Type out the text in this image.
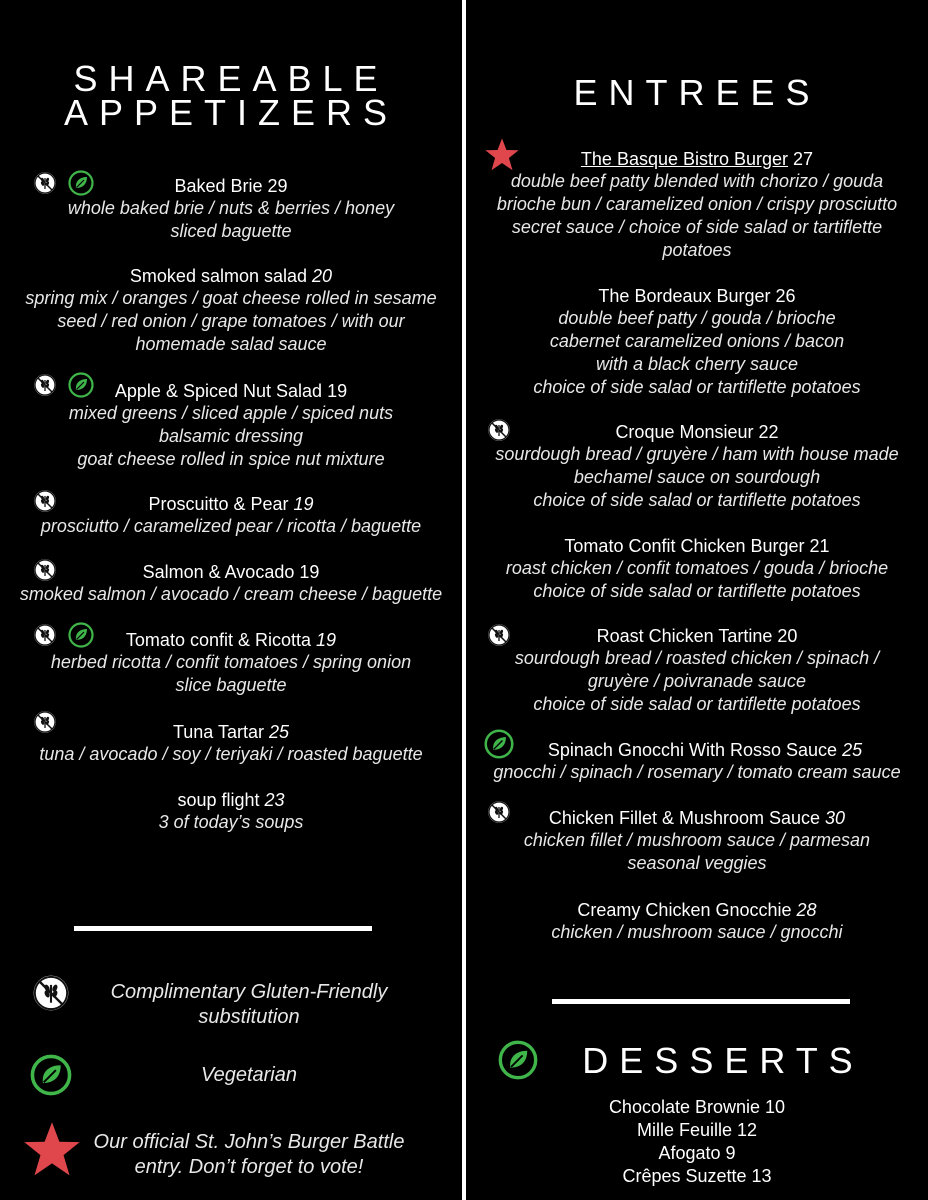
SHAREABLE
APPETIZERS
Baked Brie 29
whole baked brie / nuts & berries / honey
sliced baguette
Smoked salmon salad 20
spring mix / oranges / goat cheese rolled in sesame
seed / red onion / grape tomatoes / with our
homemade salad sauce
Apple & Spiced Nut Salad 19
mixed greens / sliced apple / spiced nuts
balsamic dressing
goat cheese rolled in spice nut mixture
Proscuitto & Pear 19
prosciutto / caramelized pear / ricotta / baguette
Salmon & Avocado 19
smoked salmon / avocado / cream cheese / baguette
Tomato confit & Ricotta 19
herbed ricotta / confit tomatoes / spring onion
slice baguette
Tuna Tartar 25
tuna / avocado / soy / teriyaki / roasted baguette
soup flight 23
3 of today’s soups
Complimentary Gluten-Friendly
substitution
Vegetarian
Our official St. John’s Burger Battle
entry. Don’t forget to vote!
ENTREES
The Basque Bistro Burger 27
double beef patty blended with chorizo / gouda
brioche bun / caramelized onion / crispy prosciutto
secret sauce / choice of side salad or tartiflette
potatoes
The Bordeaux Burger 26
double beef patty / gouda / brioche
cabernet caramelized onions / bacon
with a black cherry sauce
choice of side salad or tartiflette potatoes
Croque Monsieur 22
sourdough bread / gruyère / ham with house made
bechamel sauce on sourdough
choice of side salad or tartiflette potatoes
Tomato Confit Chicken Burger 21
roast chicken / confit tomatoes / gouda / brioche
choice of side salad or tartiflette potatoes
Roast Chicken Tartine 20
sourdough bread / roasted chicken / spinach /
gruyère / poivranade sauce
choice of side salad or tartiflette potatoes
Spinach Gnocchi With Rosso Sauce 25
gnocchi / spinach / rosemary / tomato cream sauce
Chicken Fillet & Mushroom Sauce 30
chicken fillet / mushroom sauce / parmesan
seasonal veggies
Creamy Chicken Gnocchie 28
chicken / mushroom sauce / gnocchi
DESSERTS
Chocolate Brownie 10
Mille Feuille 12
Afogato 9
Crêpes Suzette 13
